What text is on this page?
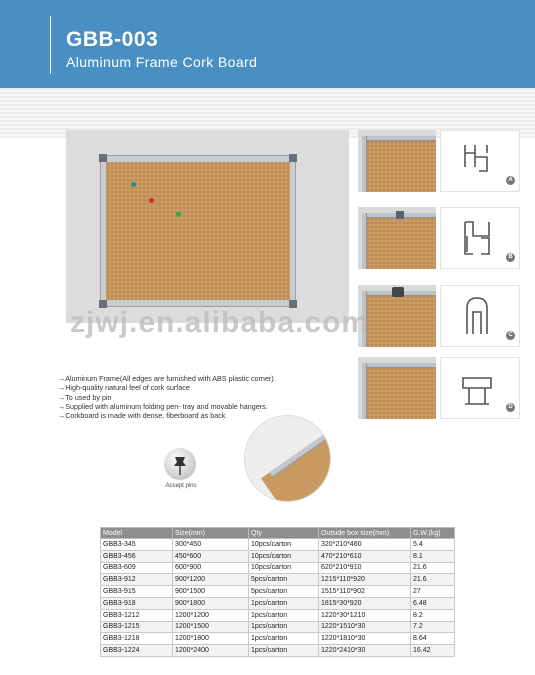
GBB-003
Aluminum Frame Cork Board
A
B
C
D
zjwj.en.alibaba.com
→Aluminum Frame(All edges are furnished with ABS plastic corner).
→High-quality natural feel of cork surface
→To used by pin
→Supplied with aluminum folding pen- tray and movable hangers.
→Corkboard is made with dense, fiberboard as back
Accept pins
Model	Size(mm)	Qty	Outside box size(mm)	G.W.(kg)
GBB3-345	300*450	10pcs/carton	320*210*460	5.4
GBB3-456	450*600	10pcs/carton	470*210*610	8.1
GBB3-609	600*900	10pcs/carton	620*210*910	21.6
GBB3-912	900*1200	5pcs/carton	1215*110*920	21.6
GBB3-915	900*1500	5pcs/carton	1515*110*902	27
GBB3-918	900*1800	1pcs/carton	1815*30*920	6.48
GBB3-1212	1200*1200	1pcs/carton	1220*30*1210	8.2
GBB3-1215	1200*1500	1pcs/carton	1220*1510*30	7.2
GBB3-1218	1200*1800	1pcs/carton	1220*1810*30	8.64
GBB3-1224	1200*2400	1pcs/carton	1220*2410*30	16.42
